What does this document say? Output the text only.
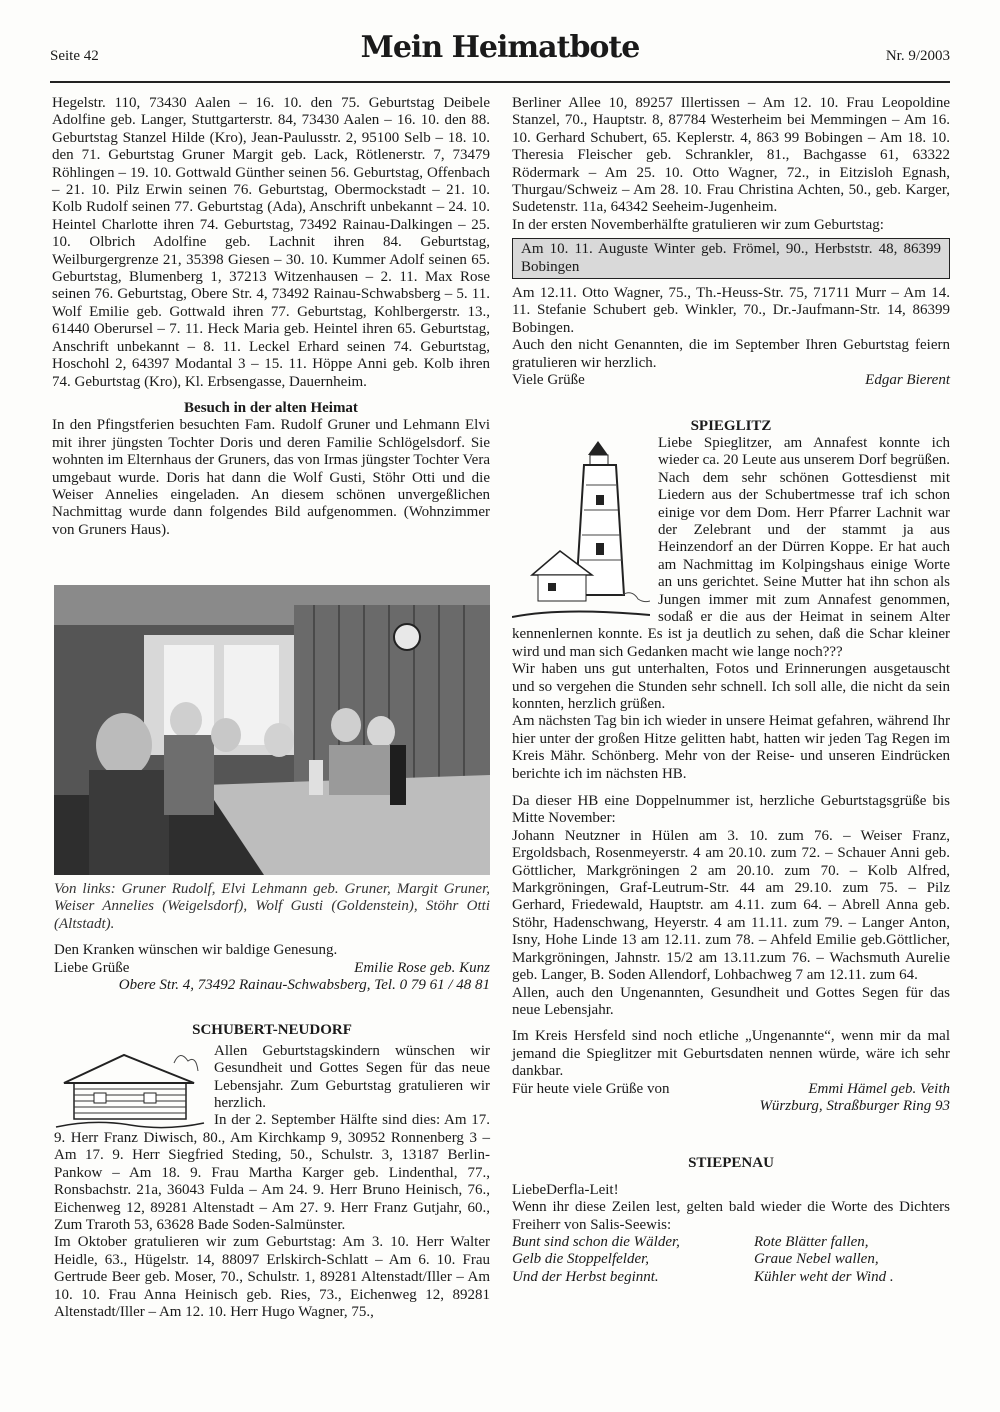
Seite 42	Mein Heimatbote	Nr. 9/2003

Hegelstr. 110, 73430 Aalen – 16. 10. den 75. Geburtstag Deibele Adolfine geb. Langer, Stuttgarterstr. 84, 73430 Aalen – 16. 10. den 88. Geburtstag Stanzel Hilde (Kro), Jean-Paulusstr. 2, 95100 Selb – 18. 10. den 71. Geburtstag Gruner Margit geb. Lack, Rötlenerstr. 7, 73479 Röhlingen – 19. 10. Gottwald Günther seinen 56. Geburtstag, Offenbach – 21. 10. Pilz Erwin seinen 76. Geburtstag, Obermockstadt – 21. 10. Kolb Rudolf seinen 77. Geburtstag (Ada), Anschrift unbekannt – 24. 10. Heintel Charlotte ihren 74. Geburtstag, 73492 Rainau-Dalkingen – 25. 10. Olbrich Adolfine geb. Lachnit ihren 84. Geburtstag, Weilburgergrenze 21, 35398 Giesen – 30. 10. Kummer Adolf seinen 65. Geburtstag, Blumenberg 1, 37213 Witzenhausen – 2. 11. Max Rose seinen 76. Geburtstag, Obere Str. 4, 73492 Rainau-Schwabsberg – 5. 11. Wolf Emilie geb. Gottwald ihren 77. Geburtstag, Kohlbergerstr. 13., 61440 Oberursel – 7. 11. Heck Maria geb. Heintel ihren 65. Geburtstag, Anschrift unbekannt – 8. 11. Leckel Erhard seinen 74. Geburtstag, Hoschohl 2, 64397 Modantal 3 – 15. 11. Höppe Anni geb. Kolb ihren 74. Geburtstag (Kro), Kl. Erbsengasse, Dauernheim.

Besuch in der alten Heimat

In den Pfingstferien besuchten Fam. Rudolf Gruner und Lehmann Elvi mit ihrer jüngsten Tochter Doris und deren Familie Schlögelsdorf. Sie wohnten im Elternhaus der Gruners, das von Irmas jüngster Tochter Vera umgebaut wurde. Doris hat dann die Wolf Gusti, Stöhr Otti und die Weiser Annelies eingeladen. An diesem schönen unvergeßlichen Nachmittag wurde dann folgendes Bild aufgenommen. (Wohnzimmer von Gruners Haus).

Von links: Gruner Rudolf, Elvi Lehmann geb. Gruner, Margit Gruner, Weiser Annelies (Weigelsdorf), Wolf Gusti (Goldenstein), Stöhr Otti (Altstadt).

Den Kranken wünschen wir baldige Genesung.

Liebe Grüße	Emilie Rose geb. Kunz

Obere Str. 4, 73492 Rainau-Schwabsberg, Tel. 0 79 61 / 48 81

SCHUBERT-NEUDORF

Allen Geburtstagskindern wünschen wir Gesundheit und Gottes Segen für das neue Lebensjahr. Zum Geburtstag gratulieren wir herzlich.

In der 2. September Hälfte sind dies: Am 17. 9. Herr Franz Diwisch, 80., Am Kirchkamp 9, 30952 Ronnenberg 3 – Am 17. 9. Herr Siegfried Steding, 50., Schulstr. 3, 13187 Berlin-Pankow – Am 18. 9. Frau Martha Karger geb. Lindenthal, 77., Ronsbachstr. 21a, 36043 Fulda – Am 24. 9. Herr Bruno Heinisch, 76., Eichenweg 12, 89281 Altenstadt – Am 27. 9. Herr Franz Gutjahr, 60., Zum Traroth 53, 63628 Bade Soden-Salmünster.

Im Oktober gratulieren wir zum Geburtstag: Am 3. 10. Herr Walter Heidle, 63., Hügelstr. 14, 88097 Erlskirch-Schlatt – Am 6. 10. Frau Gertrude Beer geb. Moser, 70., Schulstr. 1, 89281 Altenstadt/Iller – Am 10. 10. Frau Anna Heinisch geb. Ries, 73., Eichenweg 12, 89281 Altenstadt/Iller – Am 12. 10. Herr Hugo Wagner, 75.,

Berliner Allee 10, 89257 Illertissen – Am 12. 10. Frau Leopoldine Stanzel, 70., Hauptstr. 8, 87784 Westerheim bei Memmingen – Am 16. 10. Gerhard Schubert, 65. Keplerstr. 4, 863 99 Bobingen – Am 18. 10. Theresia Fleischer geb. Schrankler, 81., Bachgasse 61, 63322 Rödermark – Am 25. 10. Otto Wagner, 72., in Eitzisloh Egnash, Thurgau/Schweiz – Am 28. 10. Frau Christina Achten, 50., geb. Karger, Sudetenstr. 11a, 64342 Seeheim-Jugenheim.

In der ersten Novemberhälfte gratulieren wir zum Geburtstag:

Am 10. 11. Auguste Winter geb. Frömel, 90., Herbststr. 48, 86399 Bobingen

Am 12.11. Otto Wagner, 75., Th.-Heuss-Str. 75, 71711 Murr – Am 14. 11. Stefanie Schubert geb. Winkler, 70., Dr.-Jaufmann-Str. 14, 86399 Bobingen.

Auch den nicht Genannten, die im September Ihren Geburtstag feiern gratulieren wir herzlich.

Viele Grüße	Edgar Bierent

SPIEGLITZ

Liebe Spieglitzer, am Annafest konnte ich wieder ca. 20 Leute aus unserem Dorf begrüßen. Nach dem sehr schönen Gottesdienst mit Liedern aus der Schubertmesse traf ich schon einige vor dem Dom. Herr Pfarrer Lachnit war der Zelebrant und der stammt ja aus Heinzendorf an der Dürren Koppe. Er hat auch am Nachmittag im Kolpingshaus einige Worte an uns gerichtet. Seine Mutter hat ihn schon als Jungen immer mit zum Annafest genommen, sodaß er die aus der Heimat in seinem Alter kennenlernen konnte. Es ist ja deutlich zu sehen, daß die Schar kleiner wird und man sich Gedanken macht wie lange noch???

Wir haben uns gut unterhalten, Fotos und Erinnerungen ausgetauscht und so vergehen die Stunden sehr schnell. Ich soll alle, die nicht da sein konnten, herzlich grüßen.

Am nächsten Tag bin ich wieder in unsere Heimat gefahren, während Ihr hier unter der großen Hitze gelitten habt, hatten wir jeden Tag Regen im Kreis Mähr. Schönberg. Mehr von der Reise- und unseren Eindrücken berichte ich im nächsten HB.

Da dieser HB eine Doppelnummer ist, herzliche Geburtstagsgrüße bis Mitte November:

Johann Neutzner in Hülen am 3. 10. zum 76. – Weiser Franz, Ergoldsbach, Rosenmeyerstr. 4 am 20.10. zum 72. – Schauer Anni geb. Göttlicher, Markgröningen 2 am 20.10. zum 70. – Kolb Alfred, Markgröningen, Graf-Leutrum-Str. 44 am 29.10. zum 75. – Pilz Gerhard, Friedewald, Hauptstr. am 4.11. zum 64. – Abrell Anna geb. Stöhr, Hadenschwang, Heyerstr. 4 am 11.11. zum 79. – Langer Anton, Isny, Hohe Linde 13 am 12.11. zum 78. – Ahfeld Emilie geb.Göttlicher, Markgröningen, Jahnstr. 15/2 am 13.11.zum 76. – Wachsmuth Aurelie geb. Langer, B. Soden Allendorf, Lohbachweg 7 am 12.11. zum 64.

Allen, auch den Ungenannten, Gesundheit und Gottes Segen für das neue Lebensjahr.

Im Kreis Hersfeld sind noch etliche „Ungenannte“, wenn mir da mal jemand die Spieglitzer mit Geburtsdaten nennen würde, wäre ich sehr dankbar.

Für heute viele Grüße von	Emmi Hämel geb. Veith

Würzburg, Straßburger Ring 93

STIEPENAU

LiebeDerfla-Leit!

Wenn ihr diese Zeilen lest, gelten bald wieder die Worte des Dichters Freiherr von Salis-Seewis:

Bunt sind schon die Wälder,	Rote Blätter fallen,
Gelb die Stoppelfelder,	Graue Nebel wallen,
Und der Herbst beginnt.	Kühler weht der Wind .
